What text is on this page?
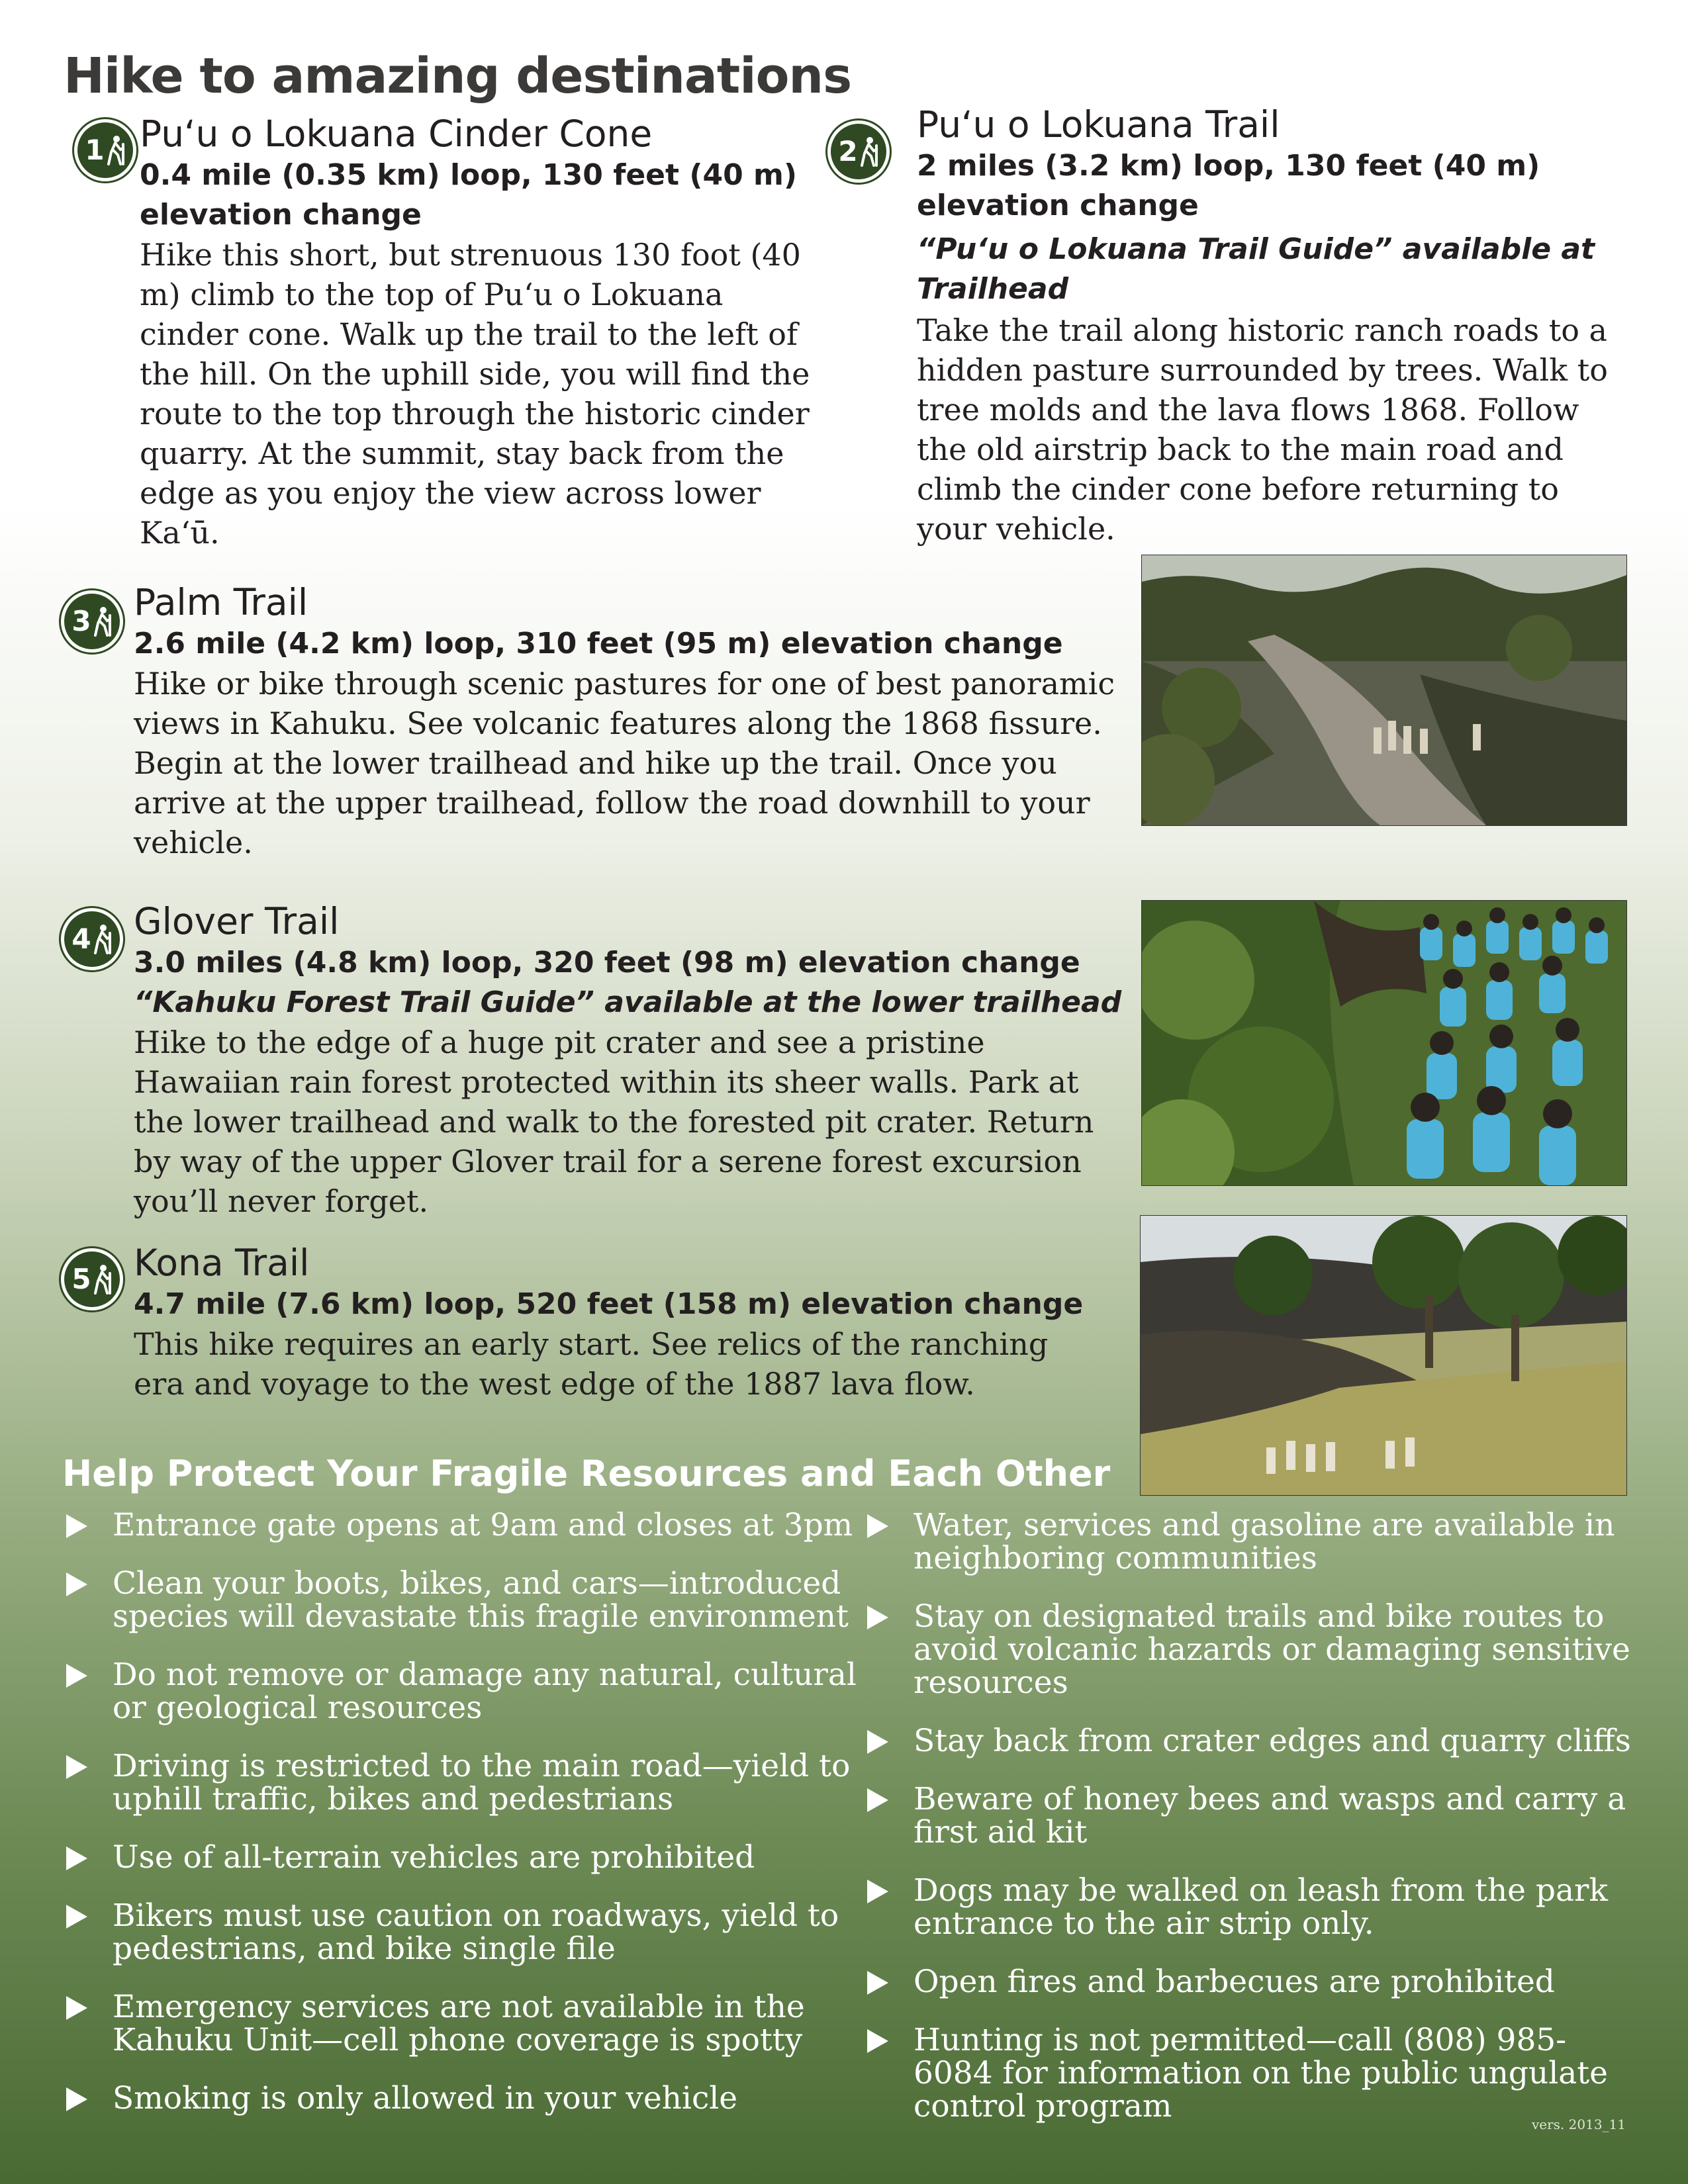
Hike to amazing destinations
1 Puʻu o Lokuana Cinder Cone
0.4 mile (0.35 km) loop, 130 feet (40 m) elevation change
Hike this short, but strenuous 130 foot (40 m) climb to the top of Puʻu o Lokuana cinder cone. Walk up the trail to the left of the hill. On the uphill side, you will find the route to the top through the historic cinder quarry. At the summit, stay back from the edge as you enjoy the view across lower Kaʻū.
2
Puʻu o Lokuana Trail
2 miles (3.2 km) loop, 130 feet (40 m) elevation change
“Puʻu o Lokuana Trail Guide” available at Trailhead
Take the trail along historic ranch roads to a hidden pasture surrounded by trees. Walk to tree molds and the lava flows 1868. Follow the old airstrip back to the main road and climb the cinder cone before returning to your vehicle.
3 Palm Trail
2.6 mile (4.2 km) loop, 310 feet (95 m) elevation change
Hike or bike through scenic pastures for one of best panoramic views in Kahuku. See volcanic features along the 1868 fissure. Begin at the lower trailhead and hike up the trail. Once you arrive at the upper trailhead, follow the road downhill to your vehicle.
4 Glover Trail
3.0 miles (4.8 km) loop, 320 feet (98 m) elevation change
“Kahuku Forest Trail Guide” available at the lower trailhead
Hike to the edge of a huge pit crater and see a pristine Hawaiian rain forest protected within its sheer walls. Park at the lower trailhead and walk to the forested pit crater. Return by way of the upper Glover trail for a serene forest excursion you’ll never forget.
5 Kona Trail
4.7 mile (7.6 km) loop, 520 feet (158 m) elevation change
This hike requires an early start. See relics of the ranching era and voyage to the west edge of the 1887 lava flow.
Help Protect Your Fragile Resources and Each Other
Entrance gate opens at 9am and closes at 3pm
Clean your boots, bikes, and cars—introduced species will devastate this fragile environment
Do not remove or damage any natural, cultural or geological resources
Driving is restricted to the main road—yield to uphill traffic, bikes and pedestrians
Use of all-terrain vehicles are prohibited
Bikers must use caution on roadways, yield to pedestrians, and bike single file
Emergency services are not available in the Kahuku Unit—cell phone coverage is spotty
Smoking is only allowed in your vehicle
Water, services and gasoline are available in neighboring communities
Stay on designated trails and bike routes to avoid volcanic hazards or damaging sensitive resources
Stay back from crater edges and quarry cliffs
Beware of honey bees and wasps and carry a first aid kit
Dogs may be walked on leash from the park entrance to the air strip only.
Open fires and barbecues are prohibited
Hunting is not permitted—call (808) 985-6084 for information on the public ungulate control program	vers. 2013_11
